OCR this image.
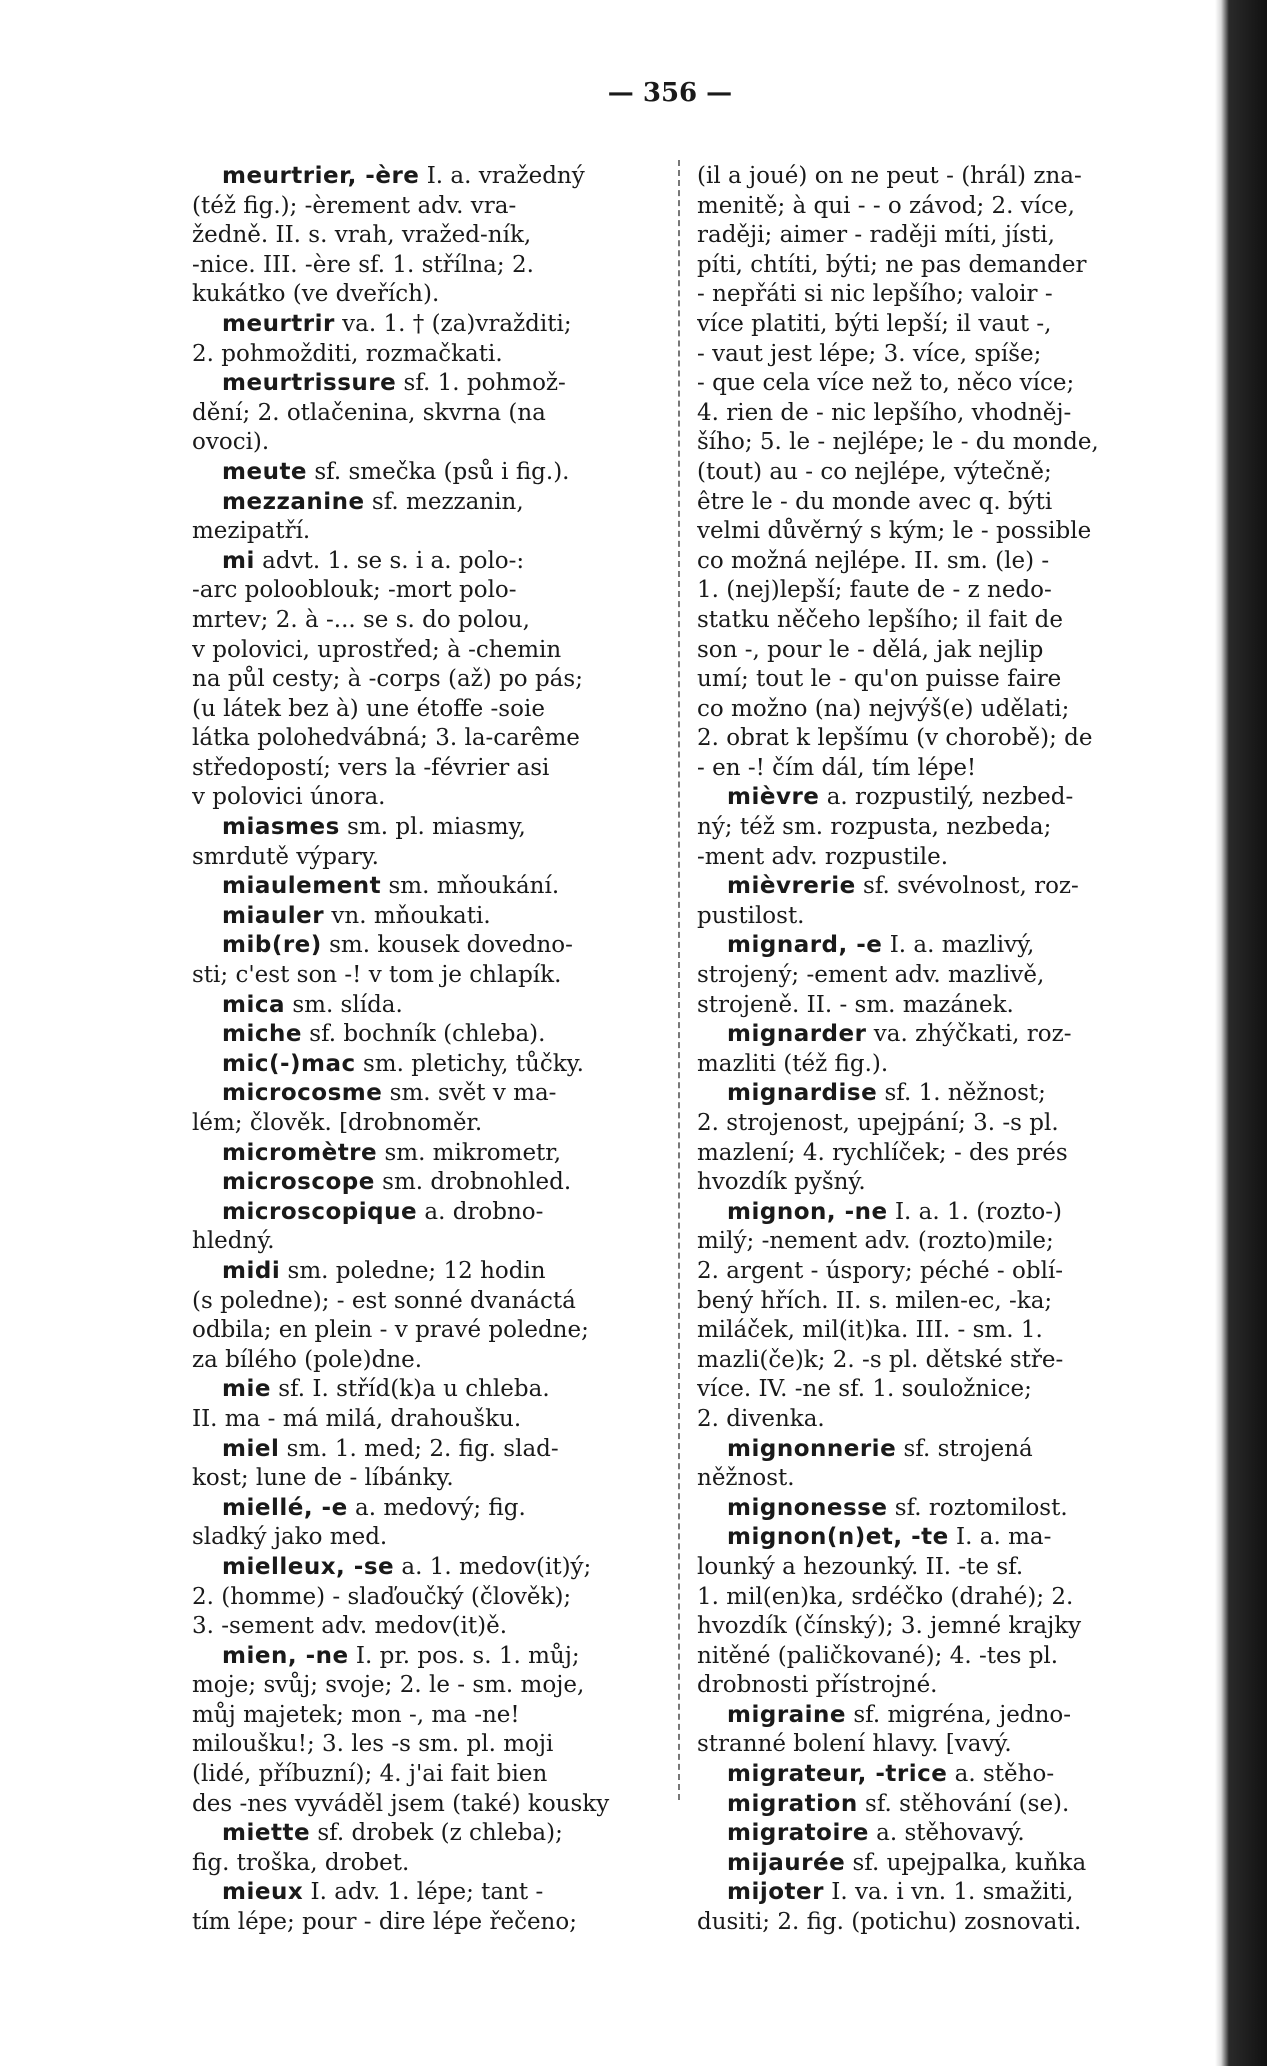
— 356 —
meurtrier, -ère I. a. vražedný
(též fig.); -èrement adv. vra-
žedně. II. s. vrah, vražed-ník,
-nice. III. -ère sf. 1. střílna; 2.
kukátko (ve dveřích).
meurtrir va. 1. † (za)vražditi;
2. pohmožditi, rozmačkati.
meurtrissure sf. 1. pohmož-
dění; 2. otlačenina, skvrna (na
ovoci).
meute sf. smečka (psů i fig.).
mezzanine sf. mezzanin,
mezipatří.
mi advt. 1. se s. i a. polo-:
-arc polooblouk; -mort polo-
mrtev; 2. à -... se s. do polou,
v polovici, uprostřed; à -chemin
na půl cesty; à -corps (až) po pás;
(u látek bez à) une étoffe -soie
látka polohedvábná; 3. la-carême
středopostí; vers la -février asi
v polovici února.
miasmes sm. pl. miasmy,
smrdutě výpary.
miaulement sm. mňoukání.
miauler vn. mňoukati.
mib(re) sm. kousek dovedno-
sti; c'est son -! v tom je chlapík.
mica sm. slída.
miche sf. bochník (chleba).
mic(-)mac sm. pletichy, tůčky.
microcosme sm. svět v ma-
lém; člověk. [drobnoměr.
micromètre sm. mikrometr,
microscope sm. drobnohled.
microscopique a. drobno-
hledný.
midi sm. poledne; 12 hodin
(s poledne); - est sonné dvanáctá
odbila; en plein - v pravé poledne;
za bílého (pole)dne.
mie sf. I. stříd(k)a u chleba.
II. ma - má milá, drahoušku.
miel sm. 1. med; 2. fig. slad-
kost; lune de - líbánky.
miellé, -e a. medový; fig.
sladký jako med.
mielleux, -se a. 1. medov(it)ý;
2. (homme) - slaďoučký (člověk);
3. -sement adv. medov(it)ě.
mien, -ne I. pr. pos. s. 1. můj;
moje; svůj; svoje; 2. le - sm. moje,
můj majetek; mon -, ma -ne!
miloušku!; 3. les -s sm. pl. moji
(lidé, příbuzní); 4. j'ai fait bien
des -nes vyváděl jsem (také) kousky
miette sf. drobek (z chleba);
fig. troška, drobet.
mieux I. adv. 1. lépe; tant -
tím lépe; pour - dire lépe řečeno;
(il a joué) on ne peut - (hrál) zna-
menitě; à qui - - o závod; 2. více,
raději; aimer - raději míti, jísti,
píti, chtíti, býti; ne pas demander
- nepřáti si nic lepšího; valoir -
více platiti, býti lepší; il vaut -,
- vaut jest lépe; 3. více, spíše;
- que cela více než to, něco více;
4. rien de - nic lepšího, vhodněj-
šího; 5. le - nejlépe; le - du monde,
(tout) au - co nejlépe, výtečně;
être le - du monde avec q. býti
velmi důvěrný s kým; le - possible
co možná nejlépe. II. sm. (le) -
1. (nej)lepší; faute de - z nedo-
statku něčeho lepšího; il fait de
son -, pour le - dělá, jak nejlip
umí; tout le - qu'on puisse faire
co možno (na) nejvýš(e) udělati;
2. obrat k lepšímu (v chorobě); de
- en -! čím dál, tím lépe!
mièvre a. rozpustilý, nezbed-
ný; též sm. rozpusta, nezbeda;
-ment adv. rozpustile.
mièvrerie sf. svévolnost, roz-
pustilost.
mignard, -e I. a. mazlivý,
strojený; -ement adv. mazlivě,
strojeně. II. - sm. mazánek.
mignarder va. zhýčkati, roz-
mazliti (též fig.).
mignardise sf. 1. něžnost;
2. strojenost, upejpání; 3. -s pl.
mazlení; 4. rychlíček; - des prés
hvozdík pyšný.
mignon, -ne I. a. 1. (rozto-)
milý; -nement adv. (rozto)mile;
2. argent - úspory; péché - oblí-
bený hřích. II. s. milen-ec, -ka;
miláček, mil(it)ka. III. - sm. 1.
mazli(če)k; 2. -s pl. dětské stře-
více. IV. -ne sf. 1. souložnice;
2. divenka.
mignonnerie sf. strojená
něžnost.
mignonesse sf. roztomilost.
mignon(n)et, -te I. a. ma-
lounký a hezounký. II. -te sf.
1. mil(en)ka, srdéčko (drahé); 2.
hvozdík (čínský); 3. jemné krajky
nitěné (paličkované); 4. -tes pl.
drobnosti přístrojné.
migraine sf. migréna, jedno-
stranné bolení hlavy. [vavý.
migrateur, -trice a. stěho-
migration sf. stěhování (se).
migratoire a. stěhovavý.
mijaurée sf. upejpalka, kuňka
mijoter I. va. i vn. 1. smažiti,
dusiti; 2. fig. (potichu) zosnovati.
